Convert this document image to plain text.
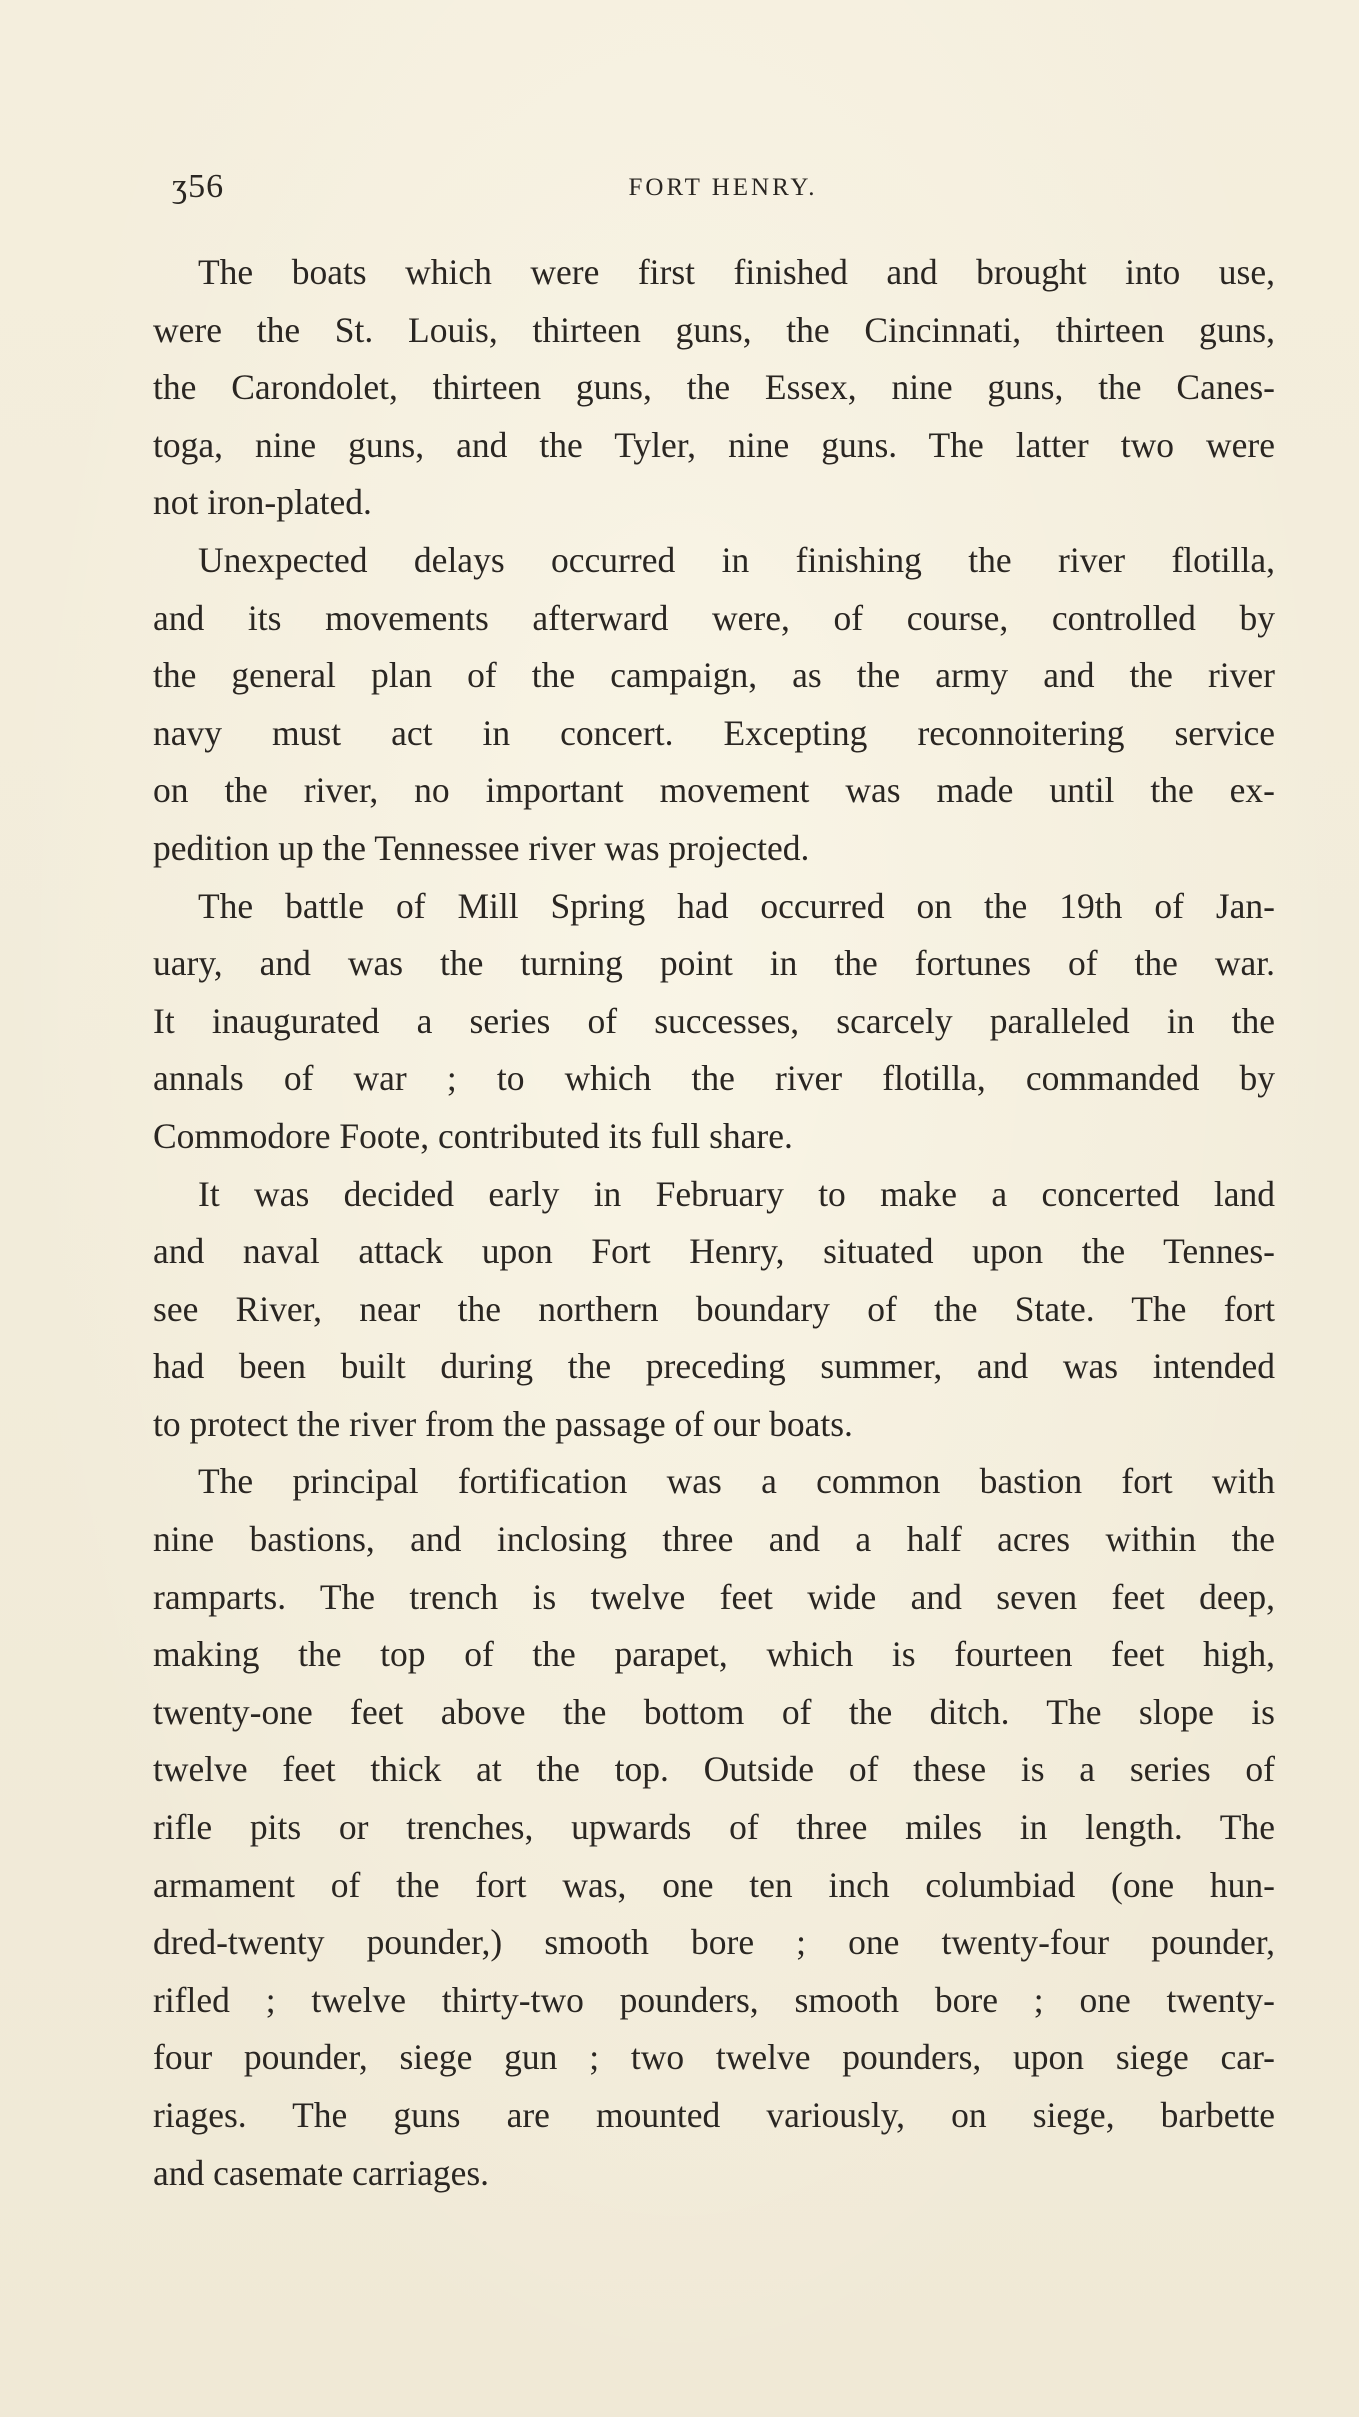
ʒ56	FORT HENRY.
The boats which were first finished and brought into use,
were the St. Louis, thirteen guns, the Cincinnati, thirteen guns,
the Carondolet, thirteen guns, the Essex, nine guns, the Canes-
toga, nine guns, and the Tyler, nine guns. The latter two were
not iron-plated.
Unexpected delays occurred in finishing the river flotilla,
and its movements afterward were, of course, controlled by
the general plan of the campaign, as the army and the river
navy must act in concert. Excepting reconnoitering service
on the river, no important movement was made until the ex-
pedition up the Tennessee river was projected.
The battle of Mill Spring had occurred on the 19th of Jan-
uary, and was the turning point in the fortunes of the war.
It inaugurated a series of successes, scarcely paralleled in the
annals of war ; to which the river flotilla, commanded by
Commodore Foote, contributed its full share.
It was decided early in February to make a concerted land
and naval attack upon Fort Henry, situated upon the Tennes-
see River, near the northern boundary of the State. The fort
had been built during the preceding summer, and was intended
to protect the river from the passage of our boats.
The principal fortification was a common bastion fort with
nine bastions, and inclosing three and a half acres within the
ramparts. The trench is twelve feet wide and seven feet deep,
making the top of the parapet, which is fourteen feet high,
twenty-one feet above the bottom of the ditch. The slope is
twelve feet thick at the top. Outside of these is a series of
rifle pits or trenches, upwards of three miles in length. The
armament of the fort was, one ten inch columbiad (one hun-
dred-twenty pounder,) smooth bore ; one twenty-four pounder,
rifled ; twelve thirty-two pounders, smooth bore ; one twenty-
four pounder, siege gun ; two twelve pounders, upon siege car-
riages. The guns are mounted variously, on siege, barbette
and casemate carriages.
